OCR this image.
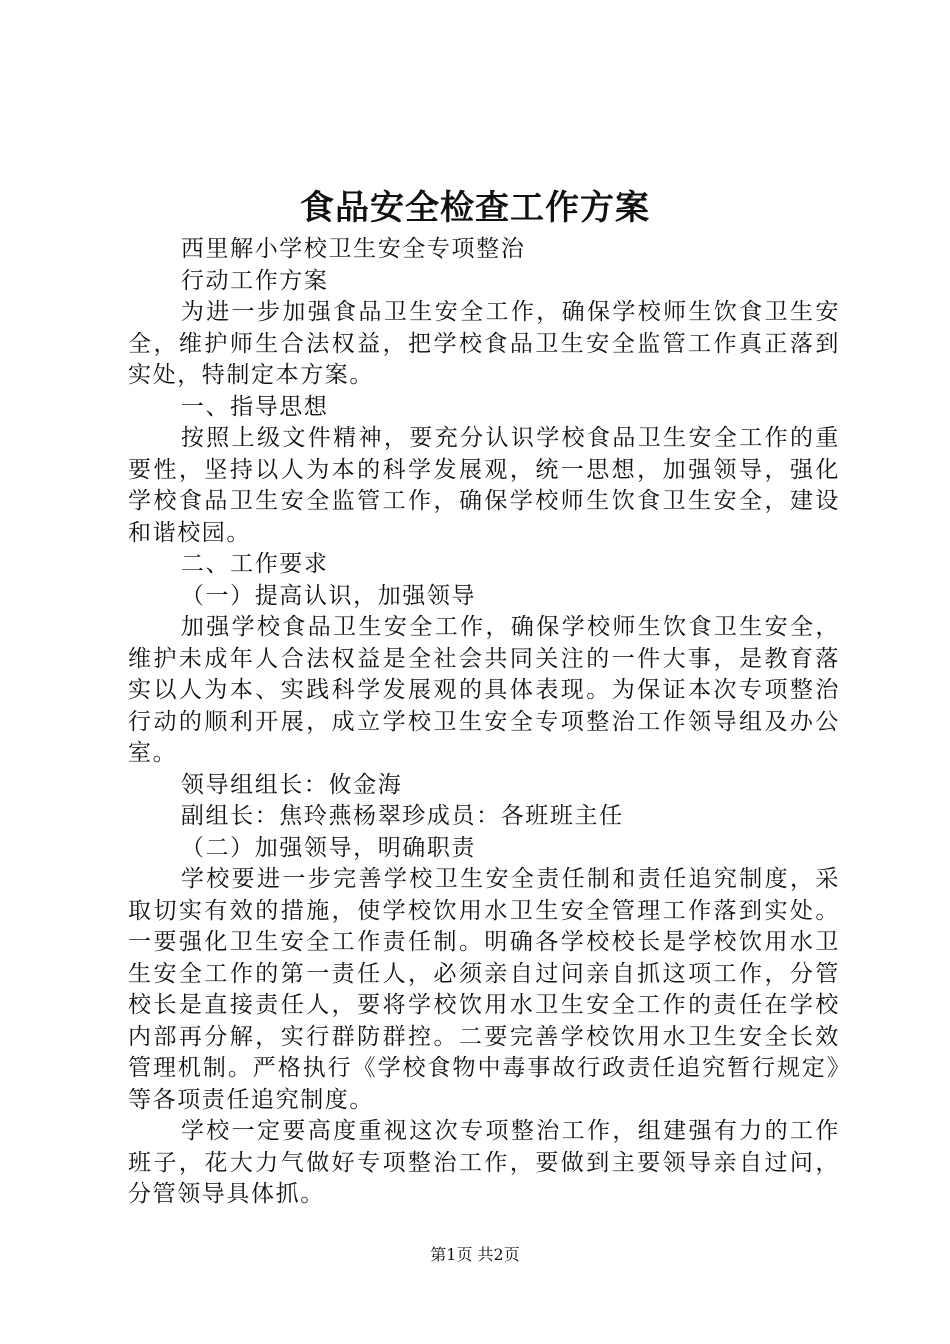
食品安全检查工作方案

西里解小学校卫生安全专项整治

行动工作方案

为进一步加强食品卫生安全工作，确保学校师生饮食卫生安全，维护师生合法权益，把学校食品卫生安全监管工作真正落到实处，特制定本方案。

一、指导思想

按照上级文件精神，要充分认识学校食品卫生安全工作的重要性，坚持以人为本的科学发展观，统一思想，加强领导，强化学校食品卫生安全监管工作，确保学校师生饮食卫生安全，建设和谐校园。

二、工作要求

（一）提高认识，加强领导

加强学校食品卫生安全工作，确保学校师生饮食卫生安全，维护未成年人合法权益是全社会共同关注的一件大事，是教育落实以人为本、实践科学发展观的具体表现。为保证本次专项整治行动的顺利开展，成立学校卫生安全专项整治工作领导组及办公室。

领导组组长：攸金海

副组长：焦玲燕杨翠珍成员：各班班主任

（二）加强领导，明确职责

学校要进一步完善学校卫生安全责任制和责任追究制度，采取切实有效的措施，使学校饮用水卫生安全管理工作落到实处。一要强化卫生安全工作责任制。明确各学校校长是学校饮用水卫生安全工作的第一责任人，必须亲自过问亲自抓这项工作，分管校长是直接责任人，要将学校饮用水卫生安全工作的责任在学校内部再分解，实行群防群控。二要完善学校饮用水卫生安全长效管理机制。严格执行《学校食物中毒事故行政责任追究暂行规定》等各项责任追究制度。

学校一定要高度重视这次专项整治工作，组建强有力的工作班子，花大力气做好专项整治工作，要做到主要领导亲自过问，分管领导具体抓。

第1页 共2页
